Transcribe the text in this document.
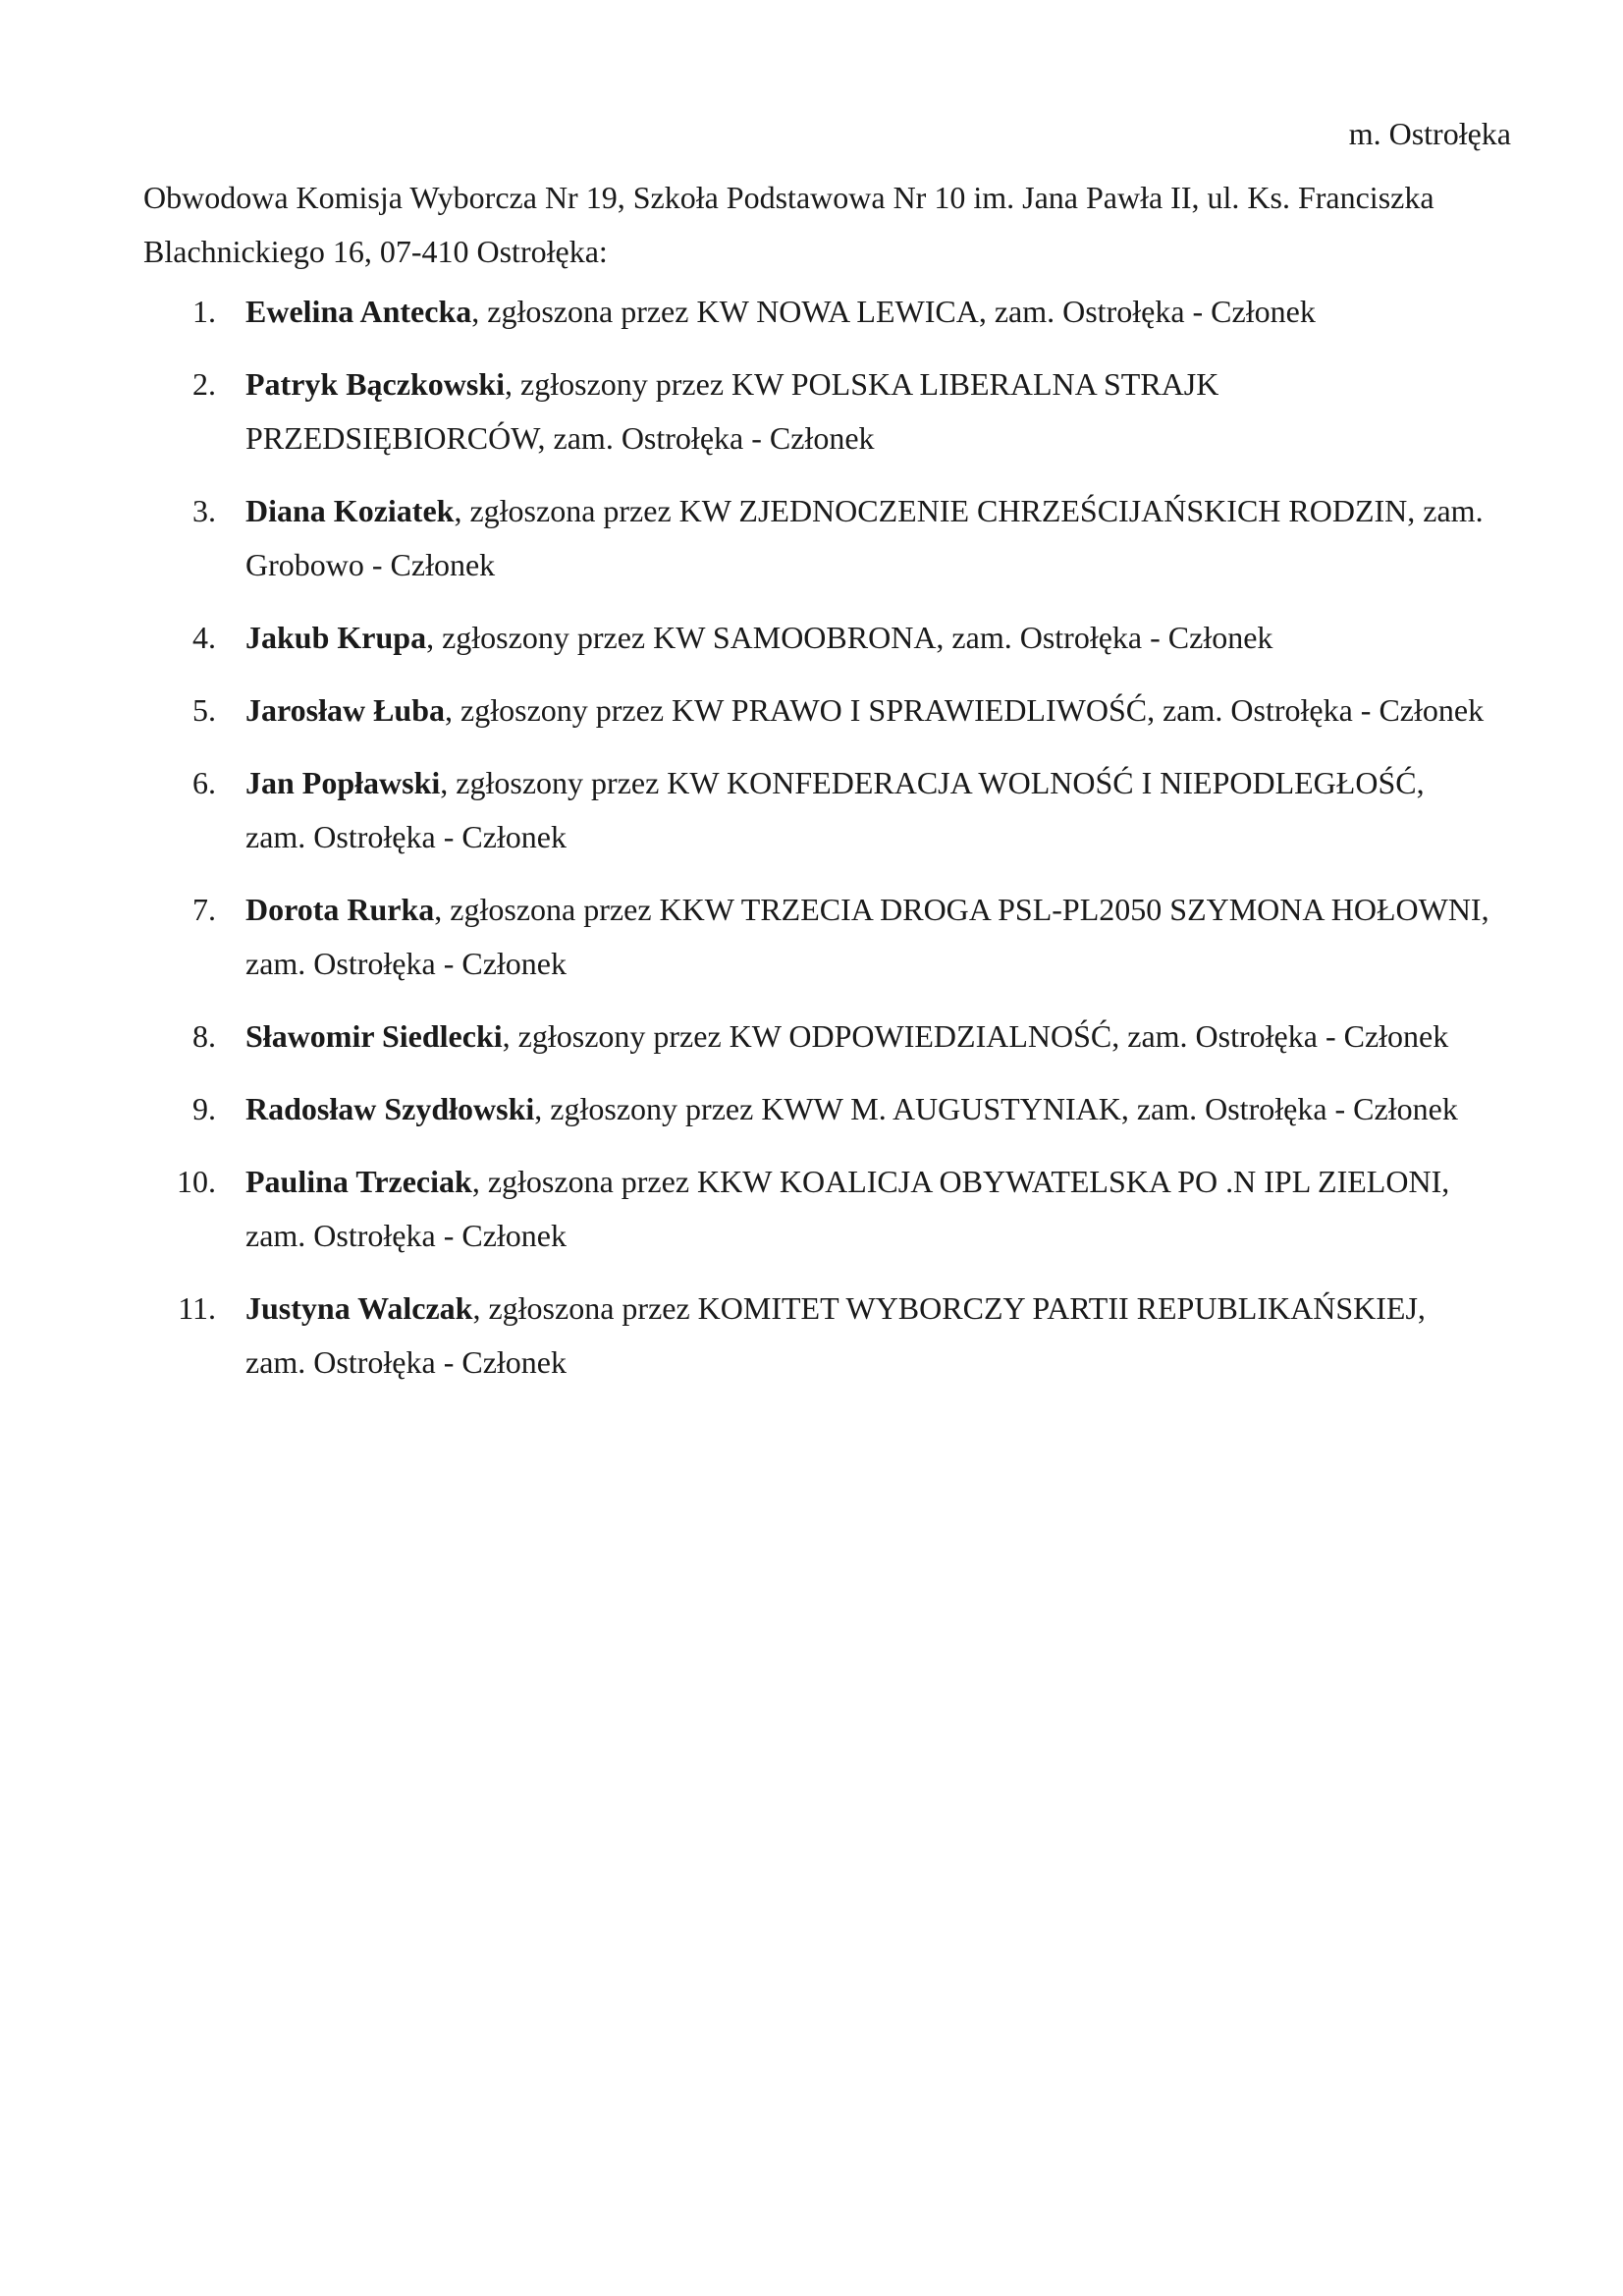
m. Ostrołęka
Obwodowa Komisja Wyborcza Nr 19, Szkoła Podstawowa Nr 10 im. Jana Pawła II, ul. Ks. Franciszka Blachnickiego 16, 07-410 Ostrołęka:
1. Ewelina Antecka, zgłoszona przez KW NOWA LEWICA, zam. Ostrołęka - Członek
2. Patryk Bączkowski, zgłoszony przez KW POLSKA LIBERALNA STRAJK PRZEDSIĘBIORCÓW, zam. Ostrołęka - Członek
3. Diana Koziatek, zgłoszona przez KW ZJEDNOCZENIE CHRZEŚCIJAŃSKICH RODZIN, zam. Grobowo - Członek
4. Jakub Krupa, zgłoszony przez KW SAMOOBRONA, zam. Ostrołęka - Członek
5. Jarosław Łuba, zgłoszony przez KW PRAWO I SPRAWIEDLIWOŚĆ, zam. Ostrołęka - Członek
6. Jan Popławski, zgłoszony przez KW KONFEDERACJA WOLNOŚĆ I NIEPODLEGŁOŚĆ, zam. Ostrołęka - Członek
7. Dorota Rurka, zgłoszona przez KKW TRZECIA DROGA PSL-PL2050 SZYMONA HOŁOWNI, zam. Ostrołęka - Członek
8. Sławomir Siedlecki, zgłoszony przez KW ODPOWIEDZIALNOŚĆ, zam. Ostrołęka - Członek
9. Radosław Szydłowski, zgłoszony przez KWW M. AUGUSTYNIAK, zam. Ostrołęka - Członek
10. Paulina Trzeciak, zgłoszona przez KKW KOALICJA OBYWATELSKA PO .N IPL ZIELONI, zam. Ostrołęka - Członek
11. Justyna Walczak, zgłoszona przez KOMITET WYBORCZY PARTII REPUBLIKAŃSKIEJ, zam. Ostrołęka - Członek
